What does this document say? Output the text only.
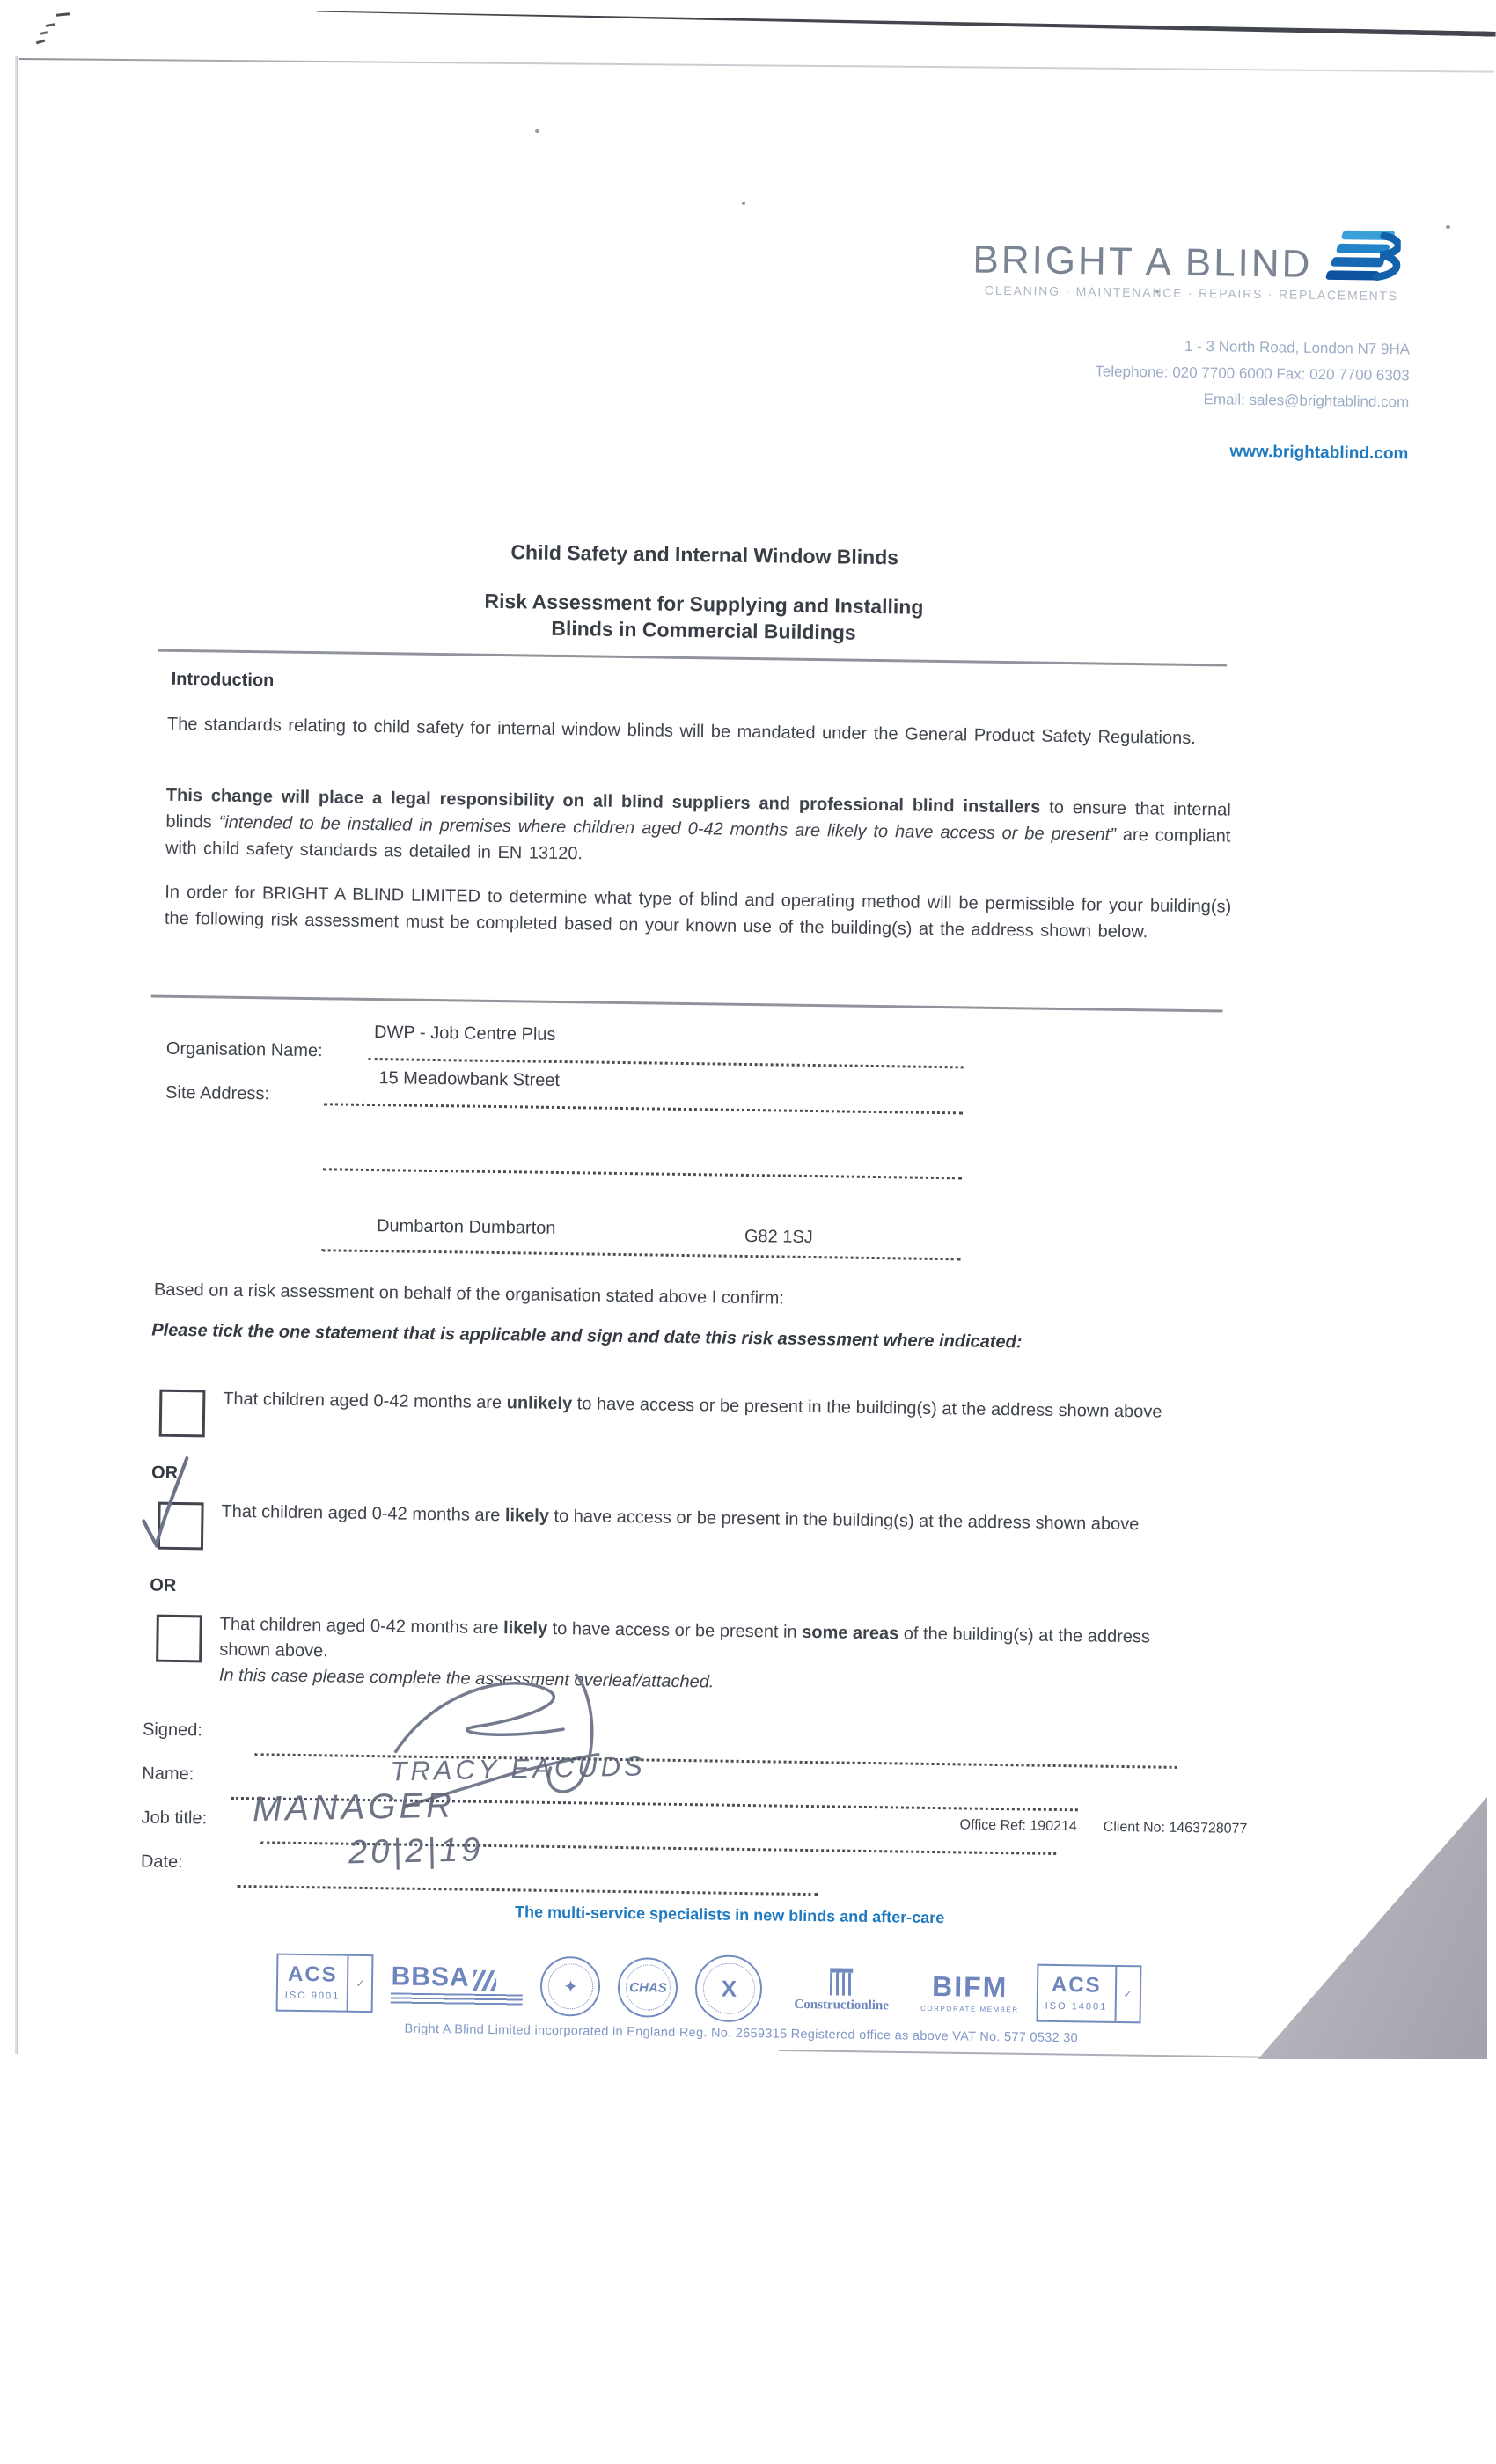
BRIGHT A BLIND
CLEANING · MAINTENANCE · REPAIRS · REPLACEMENTS
1 - 3 North Road, London N7 9HA
Telephone: 020 7700 6000 Fax: 020 7700 6303
Email: sales@brightablind.com
www.brightablind.com
Child Safety and Internal Window Blinds
Risk Assessment for Supplying and Installing
Blinds in Commercial Buildings
Introduction
The standards relating to child safety for internal window blinds will be mandated under the General Product Safety Regulations.
This change will place a legal responsibility on all blind suppliers and professional blind installers to ensure that internal blinds “intended to be installed in premises where children aged 0-42 months are likely to have access or be present” are compliant with child safety standards as detailed in EN 13120.
In order for BRIGHT A BLIND LIMITED to determine what type of blind and operating method will be permissible for your building(s) the following risk assessment must be completed based on your known use of the building(s) at the address shown below.
Organisation Name:
DWP - Job Centre Plus
Site Address:
15 Meadowbank Street
Dumbarton Dumbarton	G82 1SJ
Based on a risk assessment on behalf of the organisation stated above I confirm:
Please tick the one statement that is applicable and sign and date this risk assessment where indicated:
That children aged 0-42 months are unlikely to have access or be present in the building(s) at the address shown above
OR
That children aged 0-42 months are likely to have access or be present in the building(s) at the address shown above
OR
That children aged 0-42 months are likely to have access or be present in some areas of the building(s) at the address shown above.
In this case please complete the assessment overleaf/attached.
Signed:
Name:	TRACY EACUDS
Job title: MANAGER
Date:	20|2|19
Office Ref: 190214 Client No: 1463728077
The multi-service specialists in new blinds and after-care
ACS
ISO 9001
✓ BBSA	✦	CHAS X
Constructionline
BIFM
CORPORATE MEMBER
ACS
ISO 14001
✓
Bright A Blind Limited incorporated in England Reg. No. 2659315 Registered office as above VAT No. 577 0532 30
